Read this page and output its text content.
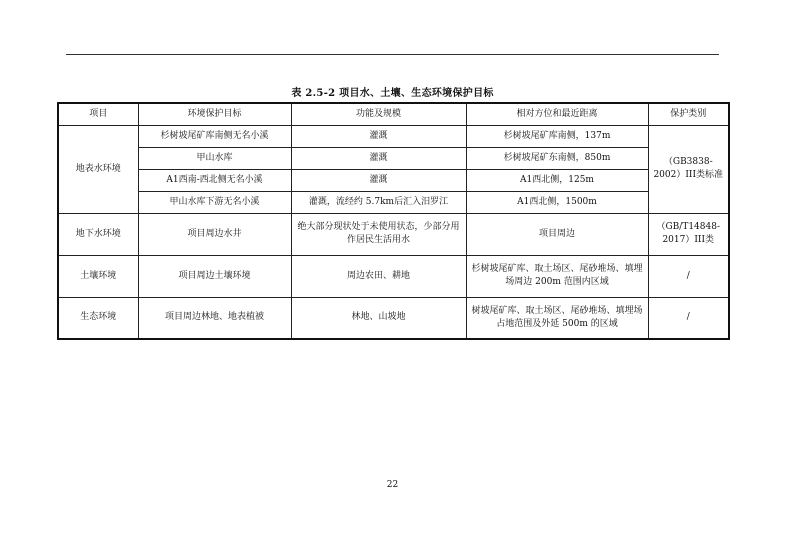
表 2.5-2 项目水、土壤、生态环境保护目标
项目	环境保护目标	功能及规模	相对方位和最近距离	保护类别
地表水环境	杉树坡尾矿库南侧无名小溪	灌溉	杉树坡尾矿库南侧，137m	（GB3838-2002）III类标准
	甲山水库	灌溉	杉树坡尾矿东南侧，850m	
	A1西南-西北侧无名小溪	灌溉	A1西北侧，125m	
	甲山水库下游无名小溪	灌溉，流经约 5.7km后汇入汨罗江	A1西北侧，1500m	
地下水环境	项目周边水井	绝大部分现状处于未使用状态，少部分用作居民生活用水	项目周边	（GB/T14848-2017）III类
土壤环境	项目周边土壤环境	周边农田、耕地	杉树坡尾矿库、取土场区、尾砂堆场、填埋场周边 200m 范围内区域	/
生态环境	项目周边林地、地表植被	林地、山坡地	树坡尾矿库、取土场区、尾砂堆场、填埋场占地范围及外延 500m 的区域	/
22
